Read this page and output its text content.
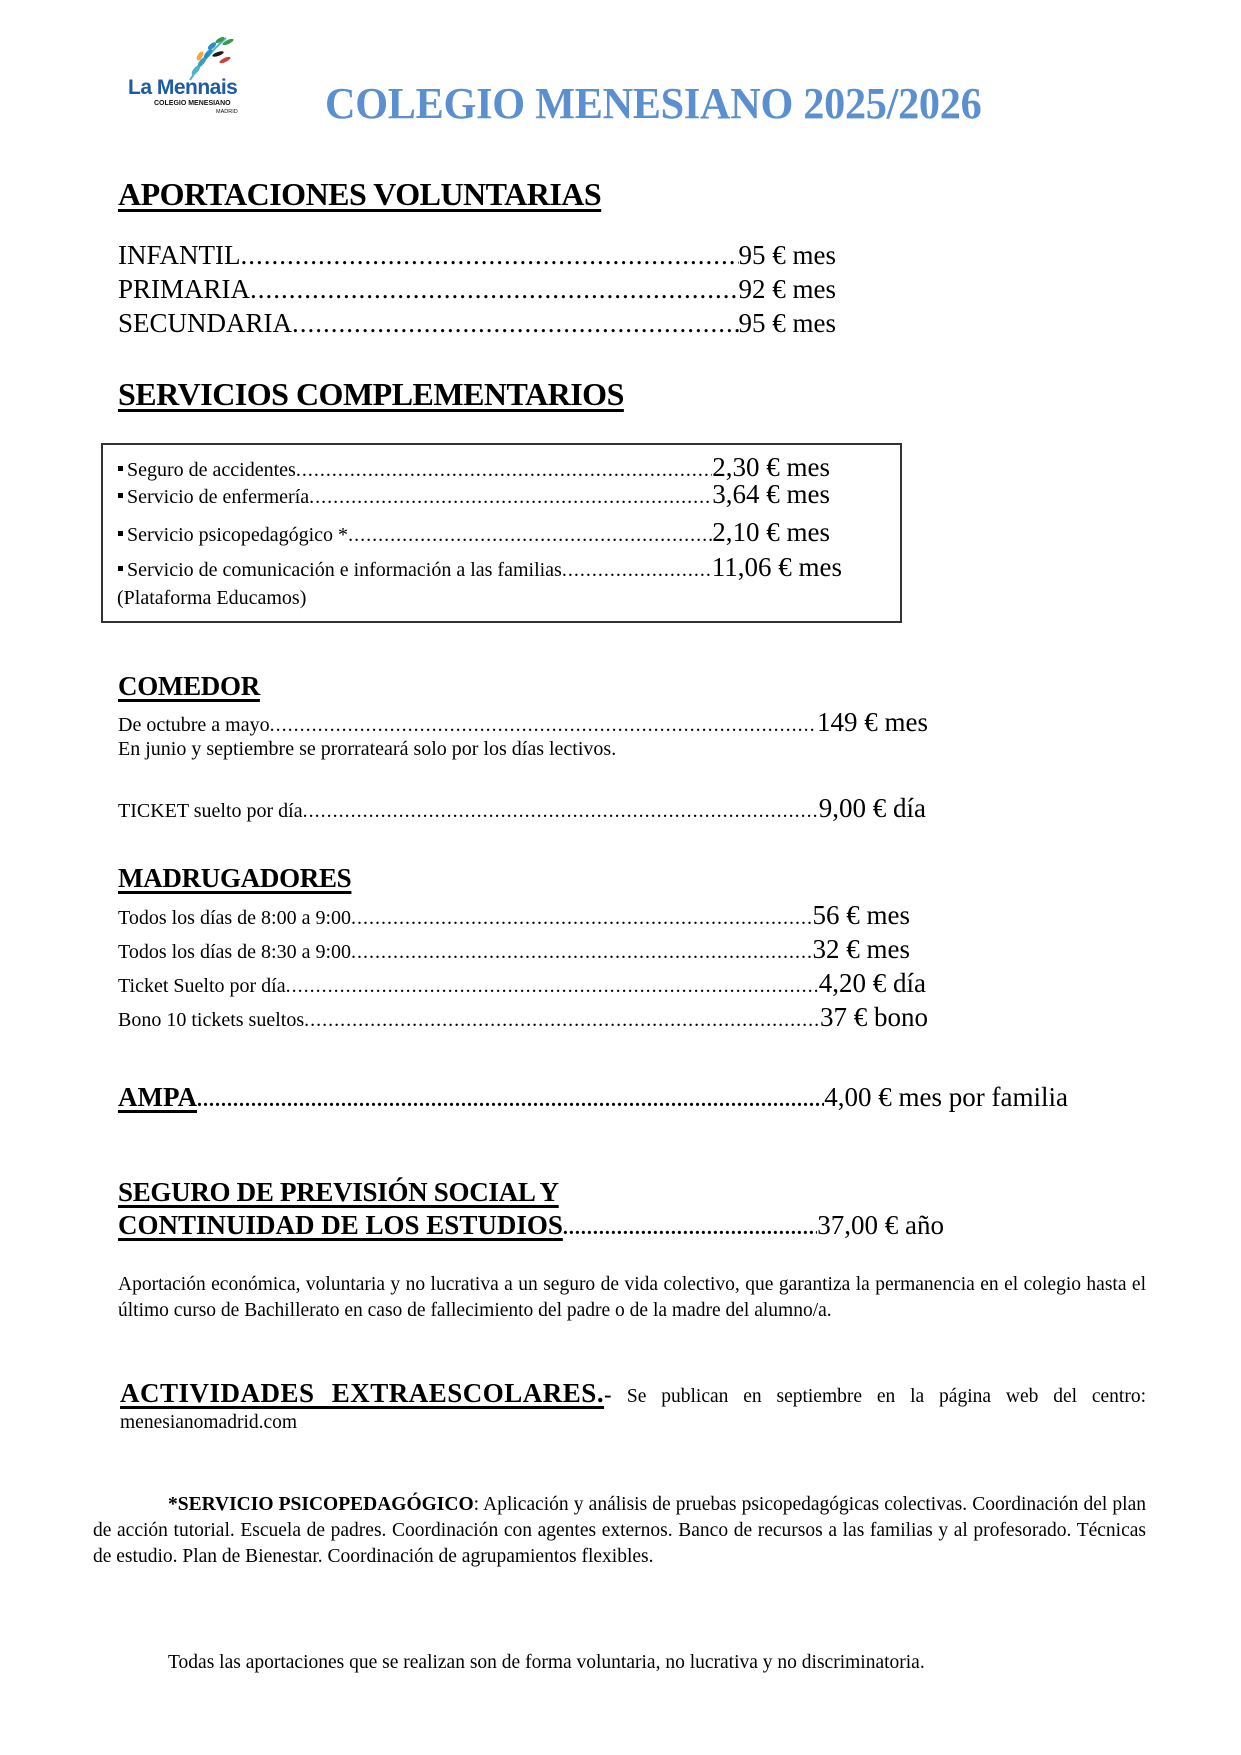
La Mennais
COLEGIO MENESIANO
MADRID COLEGIO MENESIANO 2025/2026
APORTACIONES VOLUNTARIAS
INFANTIL .....	95 € mes
PRIMARIA .....	92 € mes
SECUNDARIA .....	95 € mes
SERVICIOS COMPLEMENTARIOS
Seguro de accidentes .....	2,30 € mes
Servicio de enfermería .....	3,64 € mes
Servicio psicopedagógico * .....	2,10 € mes
Servicio de comunicación e información a las familias .....	11,06 € mes
(Plataforma Educamos)
COMEDOR
De octubre a mayo .....	149 € mes
En junio y septiembre se prorrateará solo por los días lectivos.
TICKET suelto por día .....	9,00 € día
MADRUGADORES
Todos los días de 8:00 a 9:00 .....	56 € mes
Todos los días de 8:30 a 9:00 .....	32 € mes
Ticket Suelto por día .....	4,20 € día
Bono 10 tickets sueltos .....	37 € bono
AMPA .....	4,00 € mes por familia
SEGURO DE PREVISIÓN SOCIAL Y
CONTINUIDAD DE LOS ESTUDIOS .....	37,00 € año
Aportación económica, voluntaria y no lucrativa a un seguro de vida colectivo, que garantiza la permanencia en el colegio hasta el último curso de Bachillerato en caso de fallecimiento del padre o de la madre del alumno/a.
ACTIVIDADES EXTRAESCOLARES.- Se publican en septiembre en la página web del centro: menesianomadrid.com
*SERVICIO PSICOPEDAGÓGICO: Aplicación y análisis de pruebas psicopedagógicas colectivas. Coordinación del plan de acción tutorial. Escuela de padres. Coordinación con agentes externos. Banco de recursos a las familias y al profesorado. Técnicas de estudio. Plan de Bienestar. Coordinación de agrupamientos flexibles.
Todas las aportaciones que se realizan son de forma voluntaria, no lucrativa y no discriminatoria.
